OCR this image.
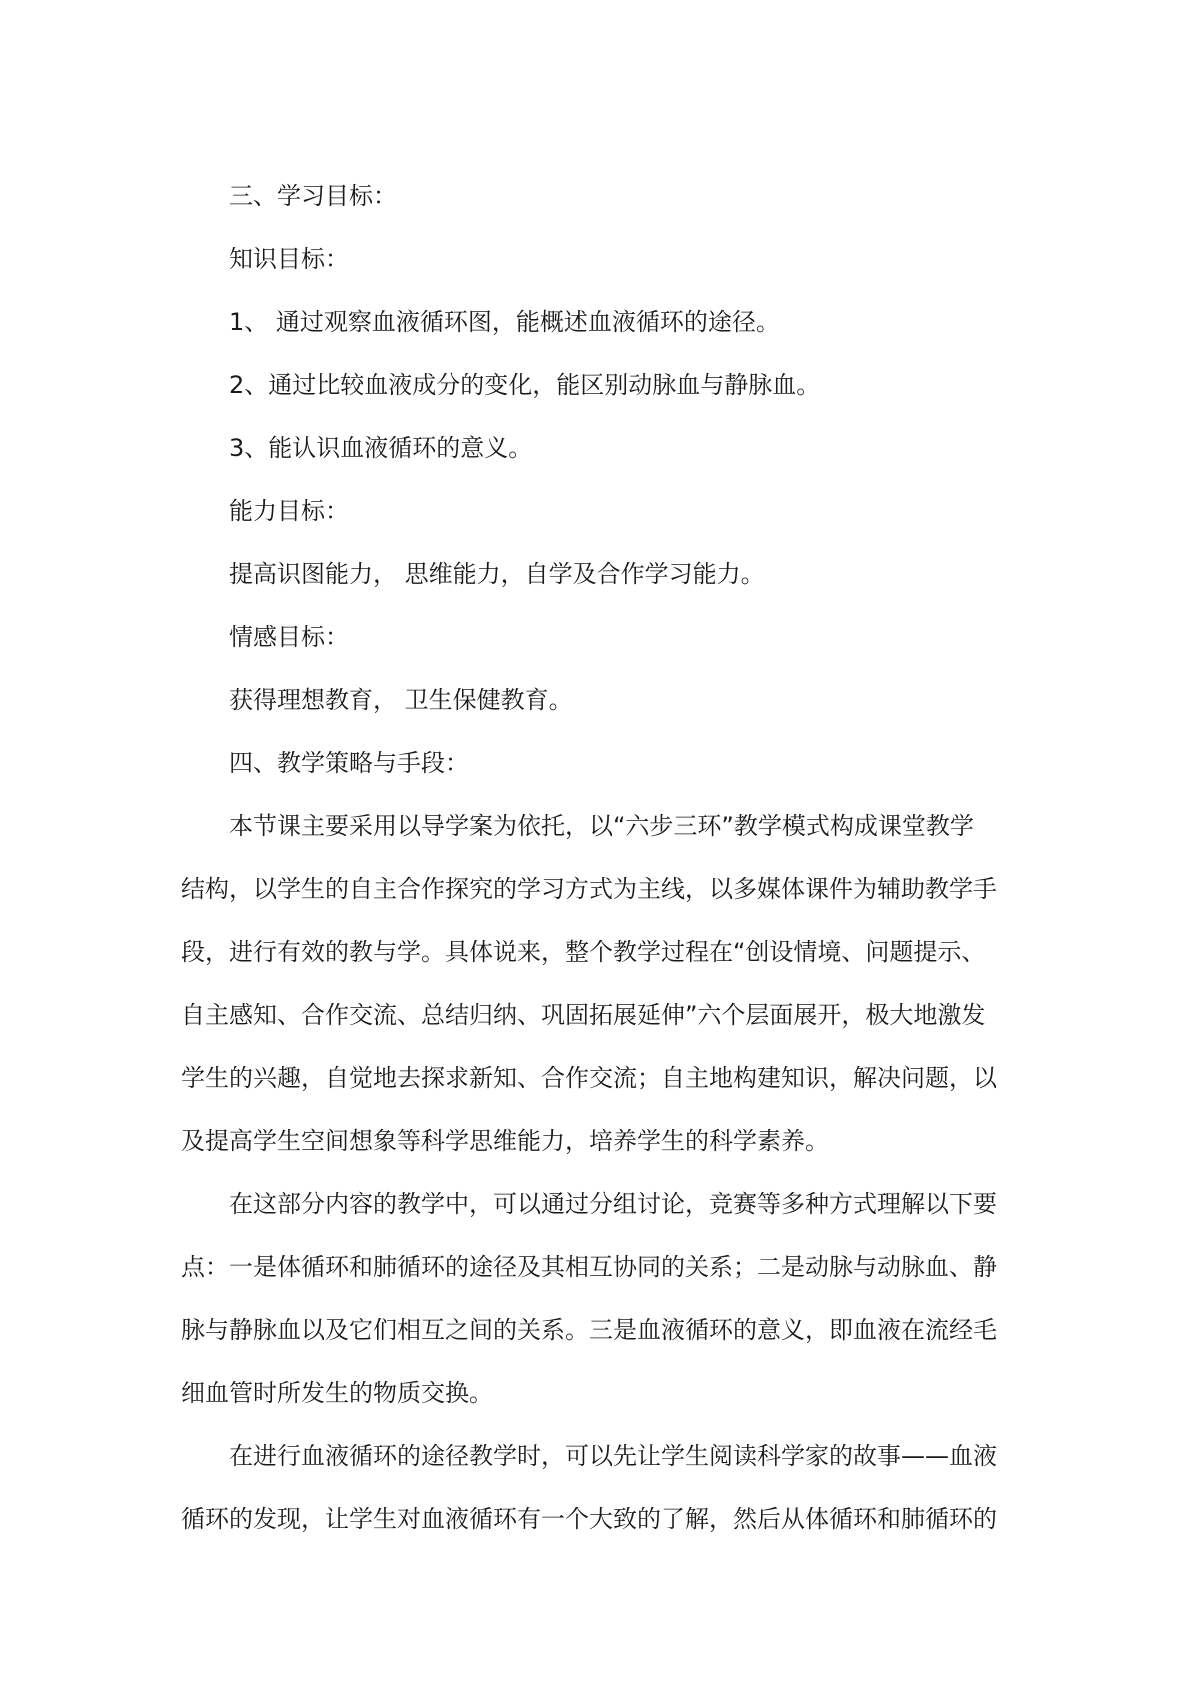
三、学习目标：
知识目标：
1、 通过观察血液循环图，能概述血液循环的途径。
2、通过比较血液成分的变化，能区别动脉血与静脉血。
3、能认识血液循环的意义。
能力目标：
提高识图能力， 思维能力，自学及合作学习能力。
情感目标：
获得理想教育， 卫生保健教育。
四、教学策略与手段：
本节课主要采用以导学案为依托，以“六步三环”教学模式构成课堂教学
结构，以学生的自主合作探究的学习方式为主线，以多媒体课件为辅助教学手
段，进行有效的教与学。具体说来，整个教学过程在“创设情境、问题提示、
自主感知、合作交流、总结归纳、巩固拓展延伸”六个层面展开，极大地激发
学生的兴趣，自觉地去探求新知、合作交流；自主地构建知识，解决问题，以
及提高学生空间想象等科学思维能力，培养学生的科学素养。
在这部分内容的教学中，可以通过分组讨论，竞赛等多种方式理解以下要
点：一是体循环和肺循环的途径及其相互协同的关系；二是动脉与动脉血、静
脉与静脉血以及它们相互之间的关系。三是血液循环的意义，即血液在流经毛
细血管时所发生的物质交换。
在进行血液循环的途径教学时，可以先让学生阅读科学家的故事——血液
循环的发现，让学生对血液循环有一个大致的了解，然后从体循环和肺循环的
